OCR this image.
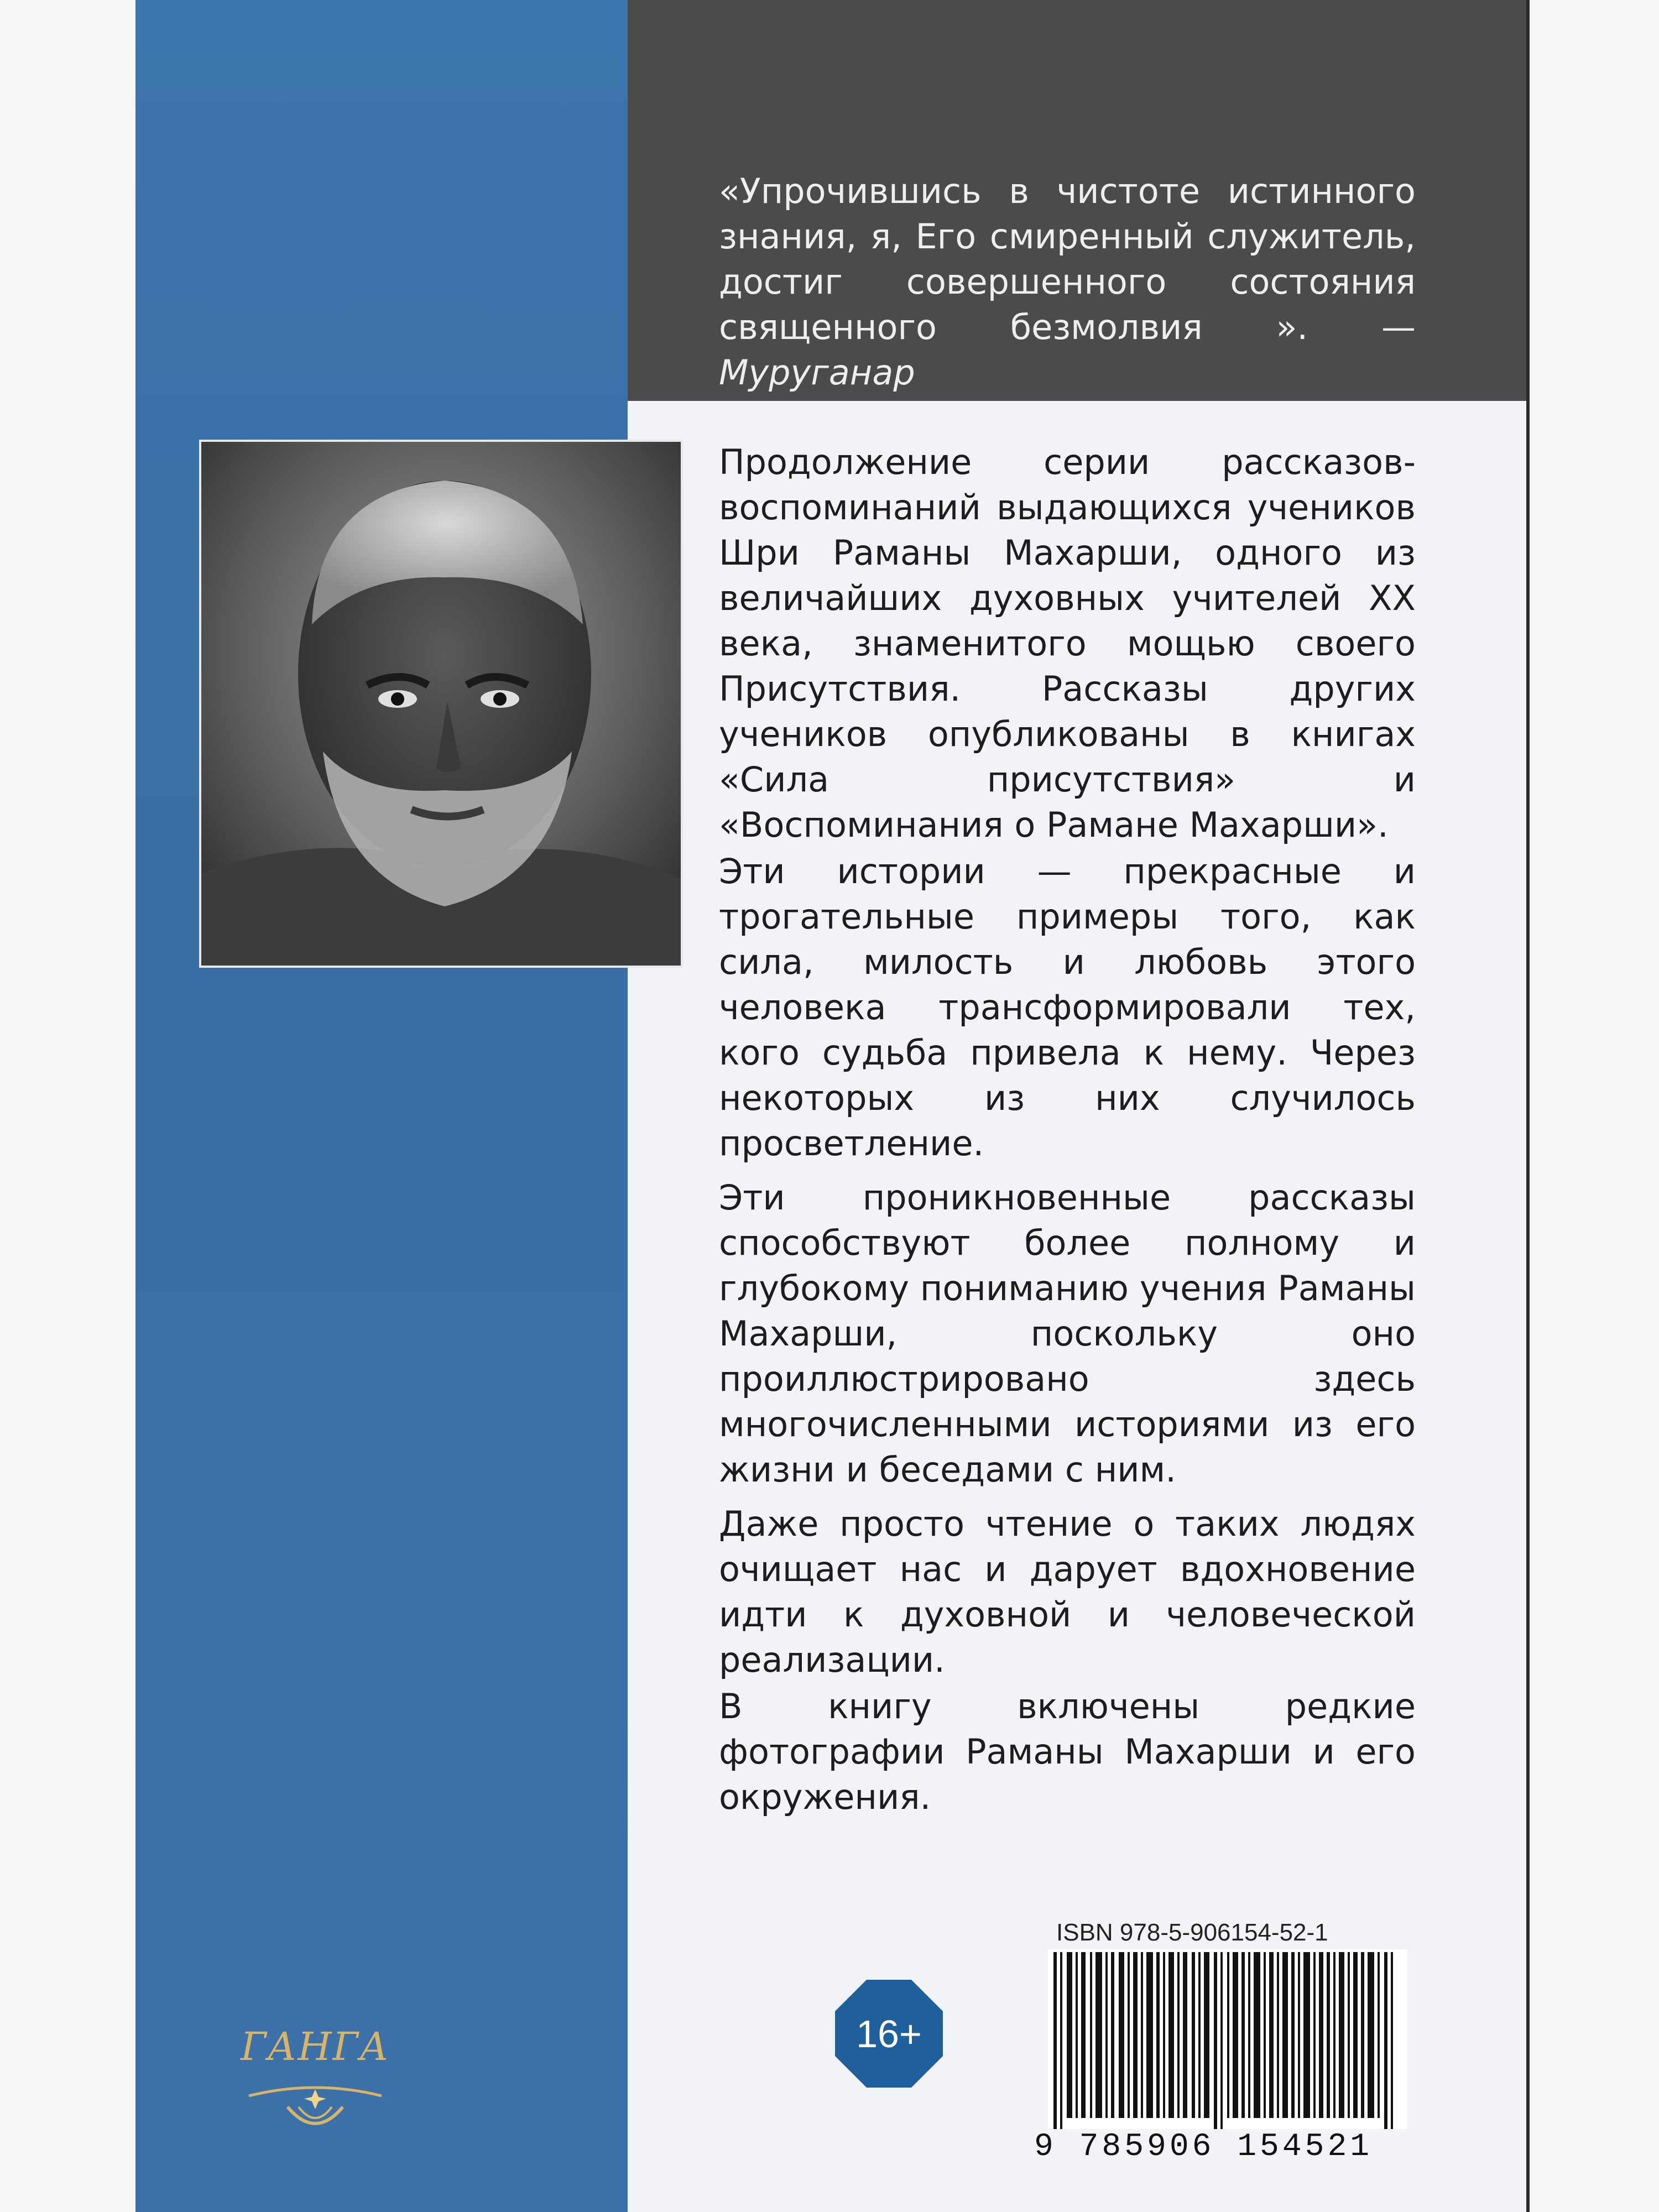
«Упрочившись в чистоте истинного знания, я, Его смиренный служитель, достиг совершенного состояния священного безмолвия ». — Муруганар

Продолжение серии рассказов-воспоминаний выдающихся учеников Шри Раманы Махарши, одного из величайших духовных учителей XX века, знаменитого мощью своего Присутствия. Рассказы других учеников опубликованы в книгах «Сила присутствия» и «Воспоминания о Рамане Махарши».

Эти истории — прекрасные и трогательные примеры того, как сила, милость и любовь этого человека трансформировали тех, кого судьба привела к нему. Через некоторых из них случилось просветление.

Эти проникновенные рассказы способствуют более полному и глубокому пониманию учения Раманы Махарши, поскольку оно проиллюстрировано здесь многочисленными историями из его жизни и беседами с ним.

Даже просто чтение о таких людях очищает нас и дарует вдохновение идти к духовной и человеческой реализации.

В книгу включены редкие фотографии Раманы Махарши и его окружения.

16+
ISBN 978-5-906154-52-1
9 785906 154521
ГАНГА
